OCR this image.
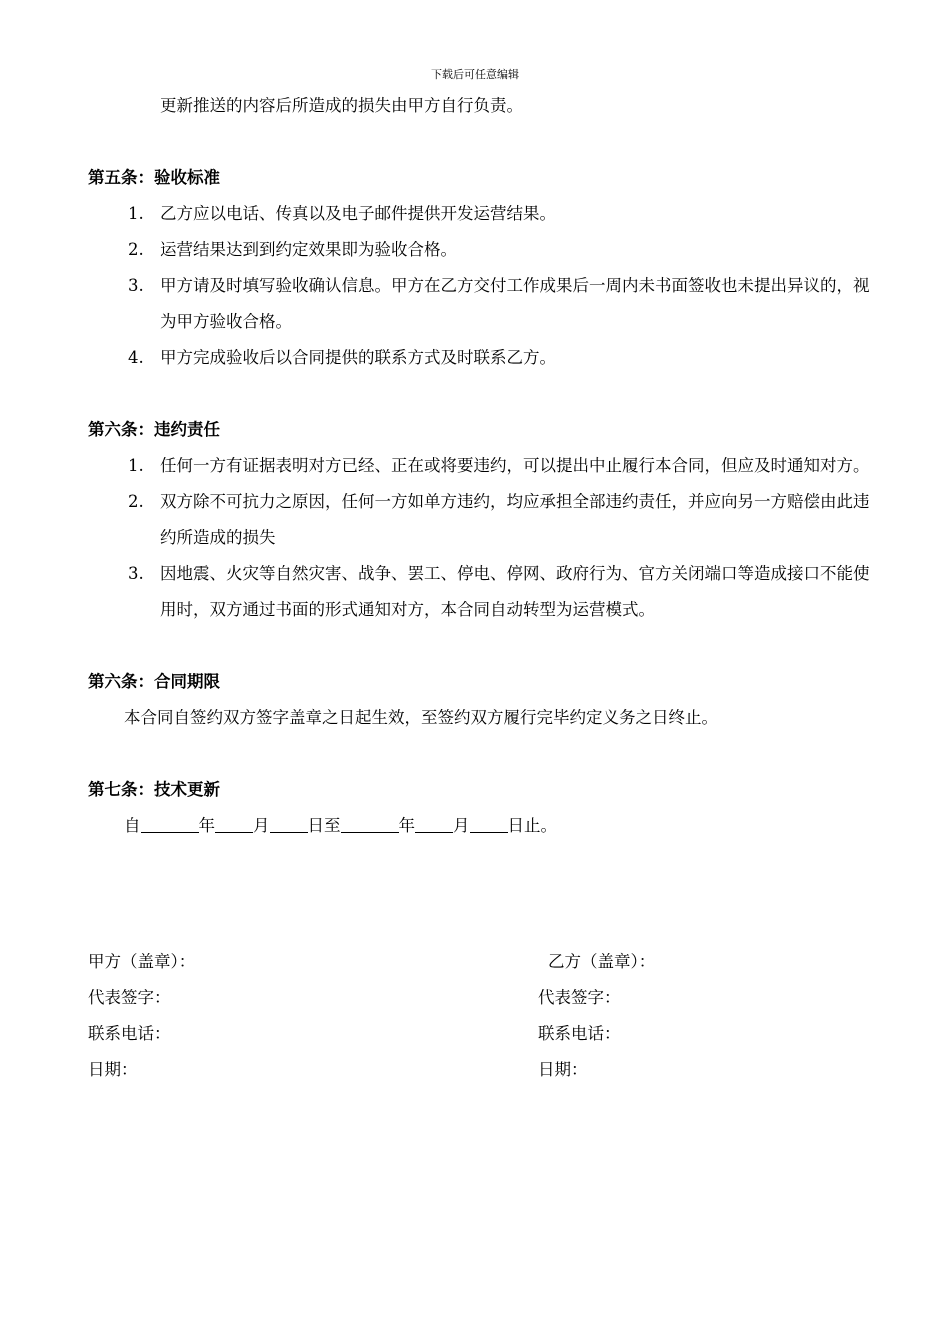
下载后可任意编辑

更新推送的内容后所造成的损失由甲方自行负责。

第五条：验收标准

1. 乙方应以电话、传真以及电子邮件提供开发运营结果。
2. 运营结果达到到约定效果即为验收合格。
3. 甲方请及时填写验收确认信息。甲方在乙方交付工作成果后一周内未书面签收也未提出异议的，视为甲方验收合格。
4. 甲方完成验收后以合同提供的联系方式及时联系乙方。

第六条：违约责任

1. 任何一方有证据表明对方已经、正在或将要违约，可以提出中止履行本合同，但应及时通知对方。
2. 双方除不可抗力之原因，任何一方如单方违约，均应承担全部违约责任，并应向另一方赔偿由此违约所造成的损失
3. 因地震、火灾等自然灾害、战争、罢工、停电、停网、政府行为、官方关闭端口等造成接口不能使用时，双方通过书面的形式通知对方，本合同自动转型为运营模式。

第六条：合同期限

本合同自签约双方签字盖章之日起生效，至签约双方履行完毕约定义务之日终止。

第七条：技术更新

自	年 月 日至	年 月 日止。

甲方（盖章）：	乙方（盖章）：
代表签字：	代表签字：
联系电话：	联系电话：
日期：	日期：
